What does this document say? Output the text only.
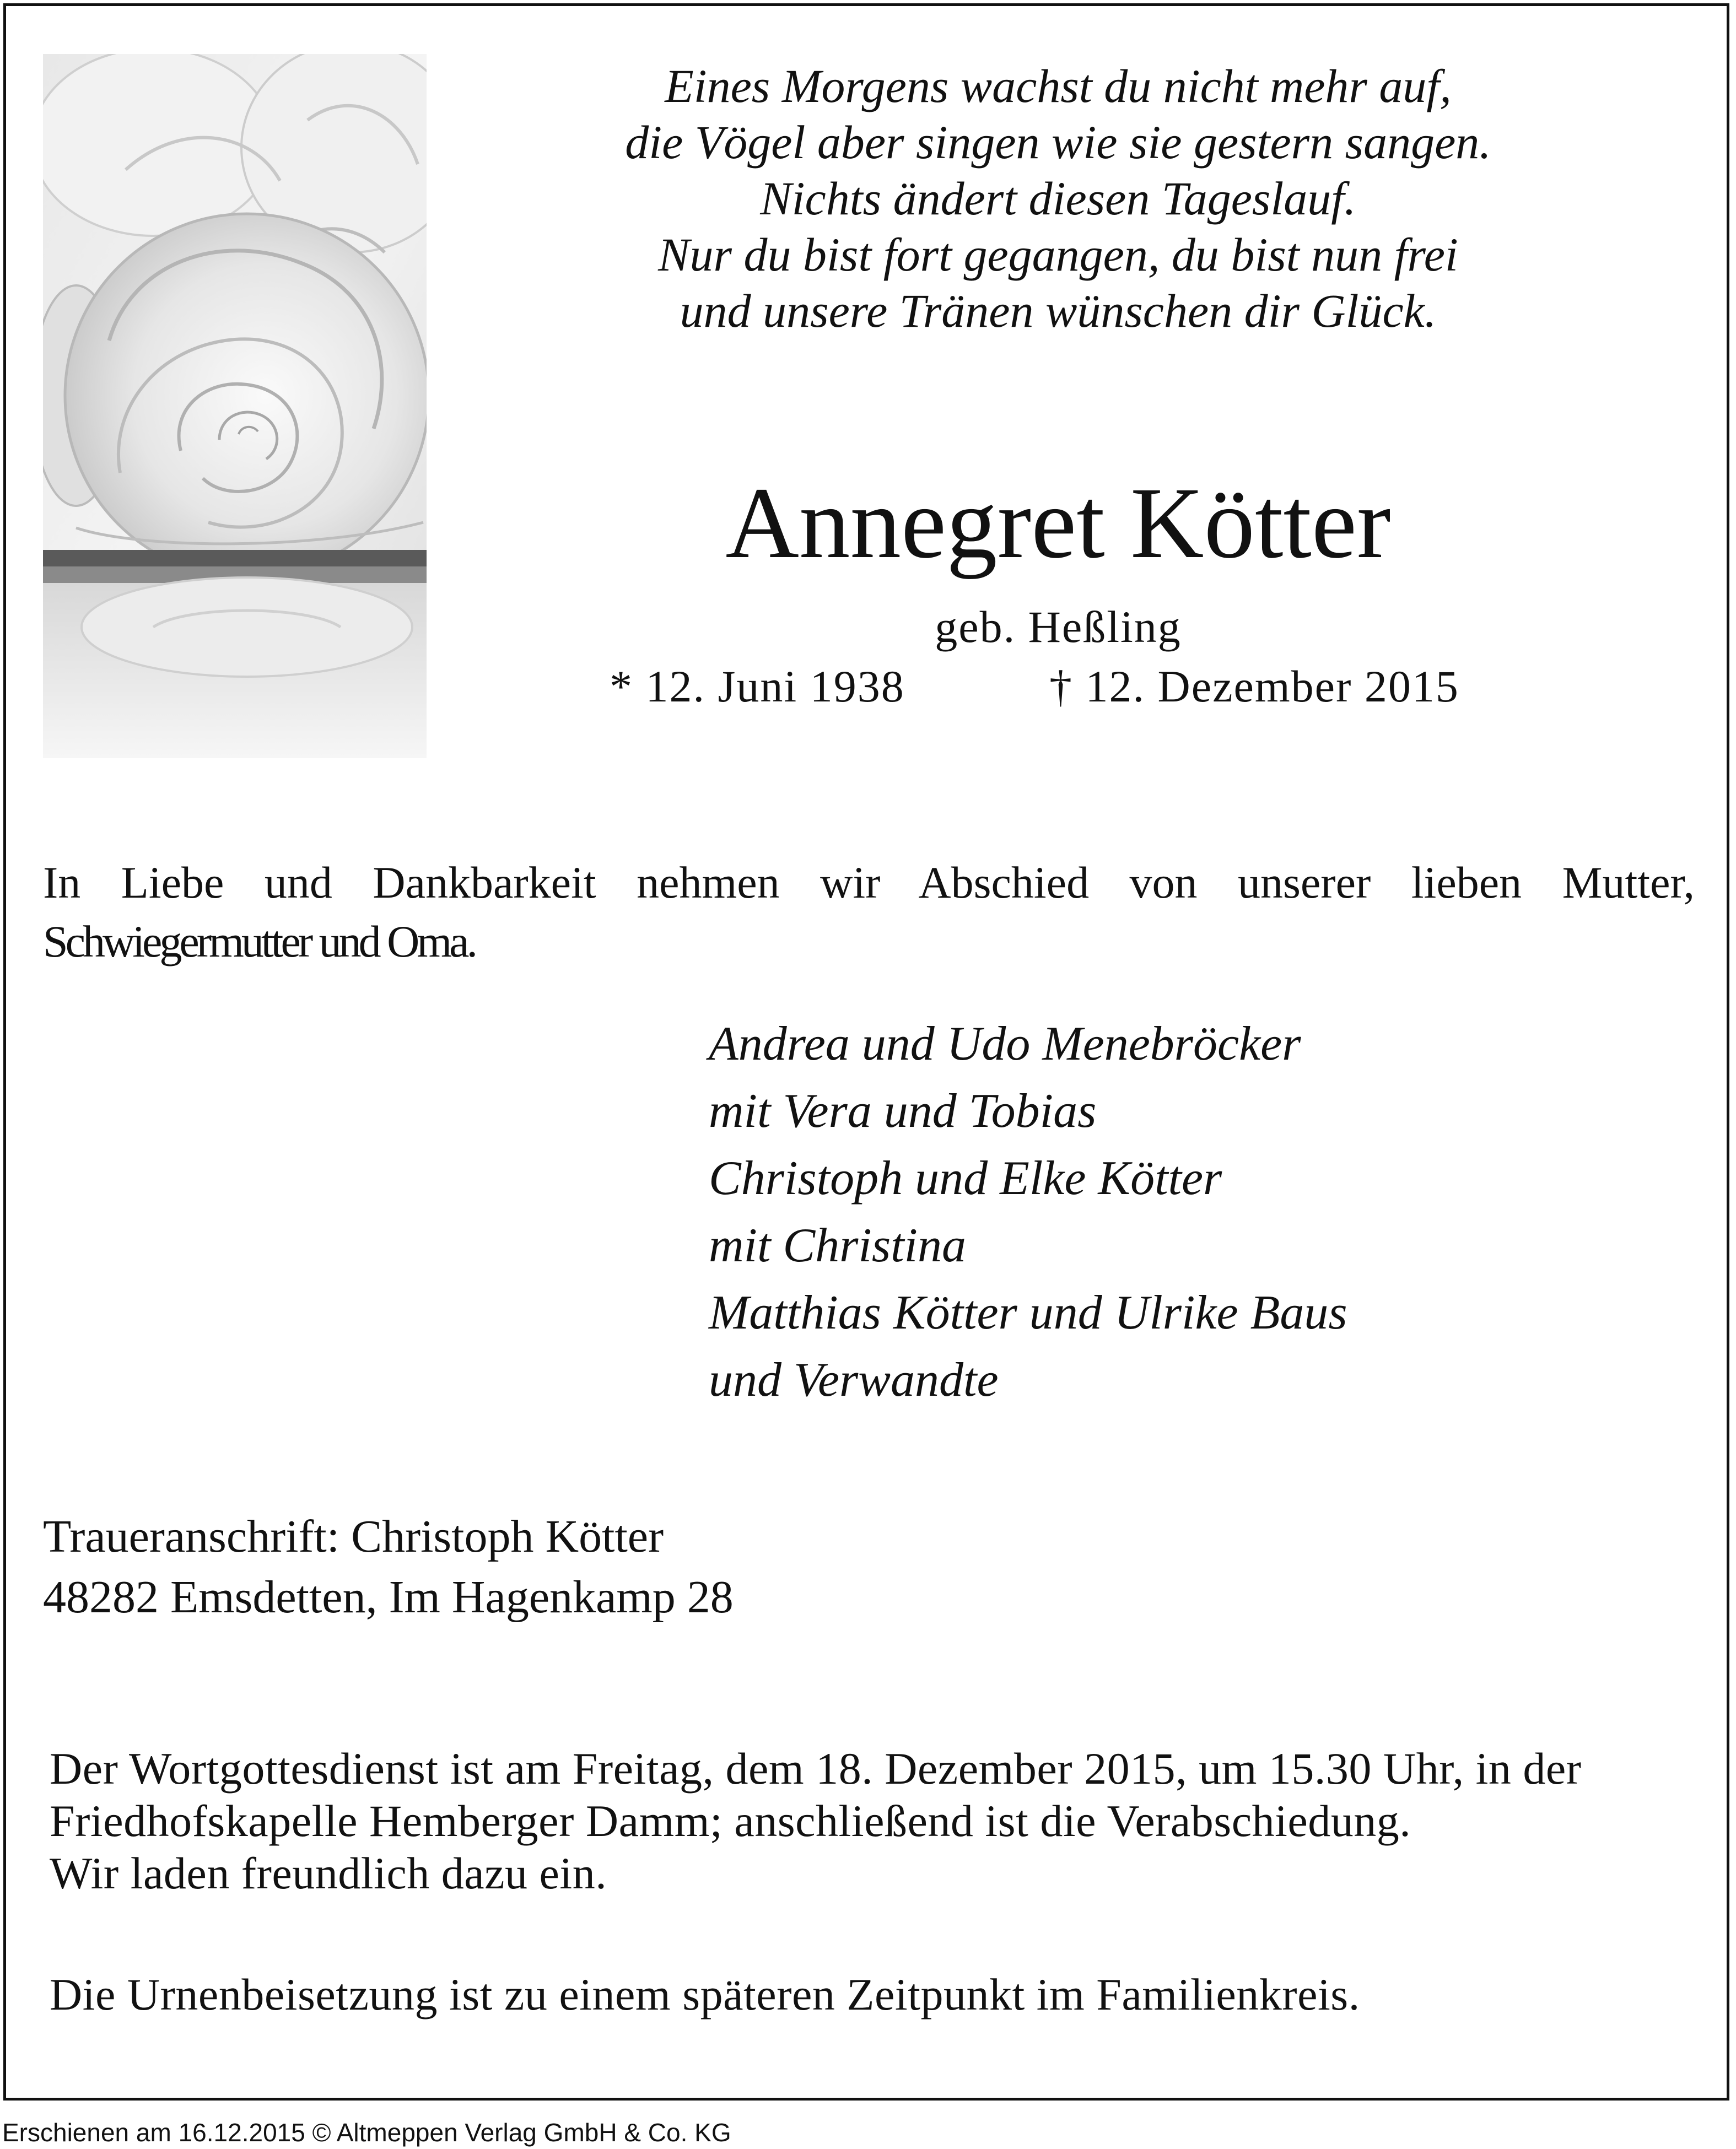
Eines Morgens wachst du nicht mehr auf,
die Vögel aber singen wie sie gestern sangen.
Nichts ändert diesen Tageslauf.
Nur du bist fort gegangen, du bist nun frei
und unsere Tränen wünschen dir Glück.
Annegret Kötter
geb. Heßling
* 12. Juni 1938	† 12. Dezember 2015
In Liebe und Dankbarkeit nehmen wir Abschied von unserer lieben Mutter,
Schwiegermutter und Oma.
Andrea und Udo Menebröcker
mit Vera und Tobias
Christoph und Elke Kötter
mit Christina
Matthias Kötter und Ulrike Baus
und Verwandte
Traueranschrift: Christoph Kötter
48282 Emsdetten, Im Hagenkamp 28
Der Wortgottesdienst ist am Freitag, dem 18. Dezember 2015, um 15.30 Uhr, in der
Friedhofskapelle Hemberger Damm; anschließend ist die Verabschiedung.
Wir laden freundlich dazu ein.
Die Urnenbeisetzung ist zu einem späteren Zeitpunkt im Familienkreis.
Erschienen am 16.12.2015 © Altmeppen Verlag GmbH & Co. KG
